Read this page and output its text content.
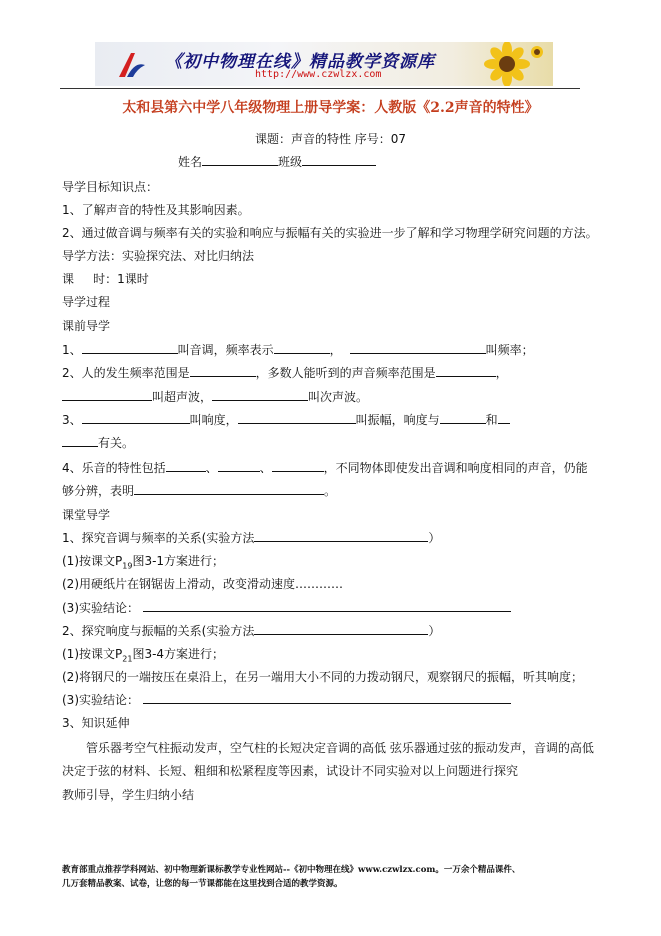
《初中物理在线》精品教学资源库
http://www.czwlzx.com
太和县第六中学八年级物理上册导学案：人教版《2.2声音的特性》
课题：声音的特性 序号：07
姓名	班级
导学目标知识点：
1、了解声音的特性及其影响因素。
2、通过做音调与频率有关的实验和响应与振幅有关的实验进一步了解和学习物理学研究问题的方法。
导学方法：实验探究法、对比归纳法
课     时：1课时
导学过程
课前导学
1、	叫音调，频率表示	，	叫频率；
2、人的发生频率范围是	，多数人能听到的声音频率范围是	，
叫超声波，	叫次声波。
3、	叫响度，	叫振幅，响度与	和
有关。
4、乐音的特性包括	、	、	，不同物体即使发出音调和响度相同的声音，仍能
够分辨，表明	。
课堂导学
1、探究音调与频率的关系(实验方法	）
(1)按课文$P_{19}$图3-1方案进行；
(2)用硬纸片在钢锯齿上滑动，改变滑动速度…………
(3)实验结论：
2、探究响度与振幅的关系(实验方法	）
(1)按课文$P_{21}$图3-4方案进行；
(2)将钢尺的一端按压在桌沿上，在另一端用大小不同的力拨动钢尺，观察钢尺的振幅，听其响度；
(3)实验结论：
3、知识延伸
管乐器考空气柱振动发声，空气柱的长短决定音调的高低 弦乐器通过弦的振动发声，音调的高低
决定于弦的材料、长短、粗细和松紧程度等因素，试设计不同实验对以上问题进行探究
教师引导，学生归纳小结
教育部重点推荐学科网站、初中物理新课标教学专业性网站--《初中物理在线》www.czwlzx.com。一万余个精品课件、
几万套精品教案、试卷，让您的每一节课都能在这里找到合适的教学资源。
